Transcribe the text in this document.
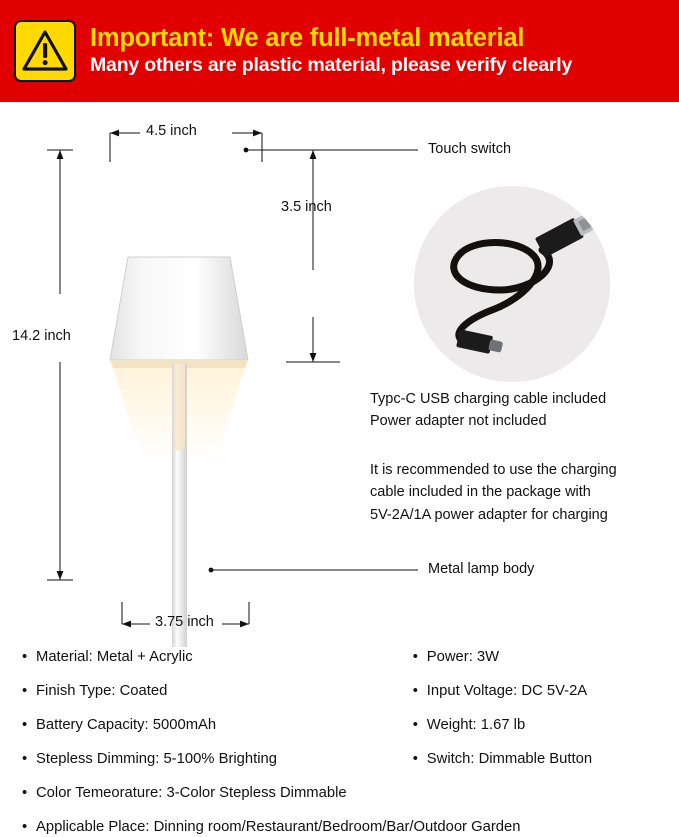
Important: We are full-metal material
Many others are plastic material, please verify clearly
4.5 inch
3.5 inch
14.2 inch
3.75 inch
Touch switch
Metal lamp body
Typc-C USB charging cable included
Power adapter not included
It is recommended to use the charging
cable included in the package with
5V-2A/1A power adapter for charging
• Material: Metal + Acrylic
• Finish Type: Coated
• Battery Capacity: 5000mAh
• Stepless Dimming: 5-100% Brighting
• Color Temeorature: 3-Color Stepless Dimmable
• Power: 3W
• Input Voltage: DC 5V-2A
• Weight: 1.67 lb
• Switch: Dimmable Button
• Applicable Place: Dinning room/Restaurant/Bedroom/Bar/Outdoor Garden
